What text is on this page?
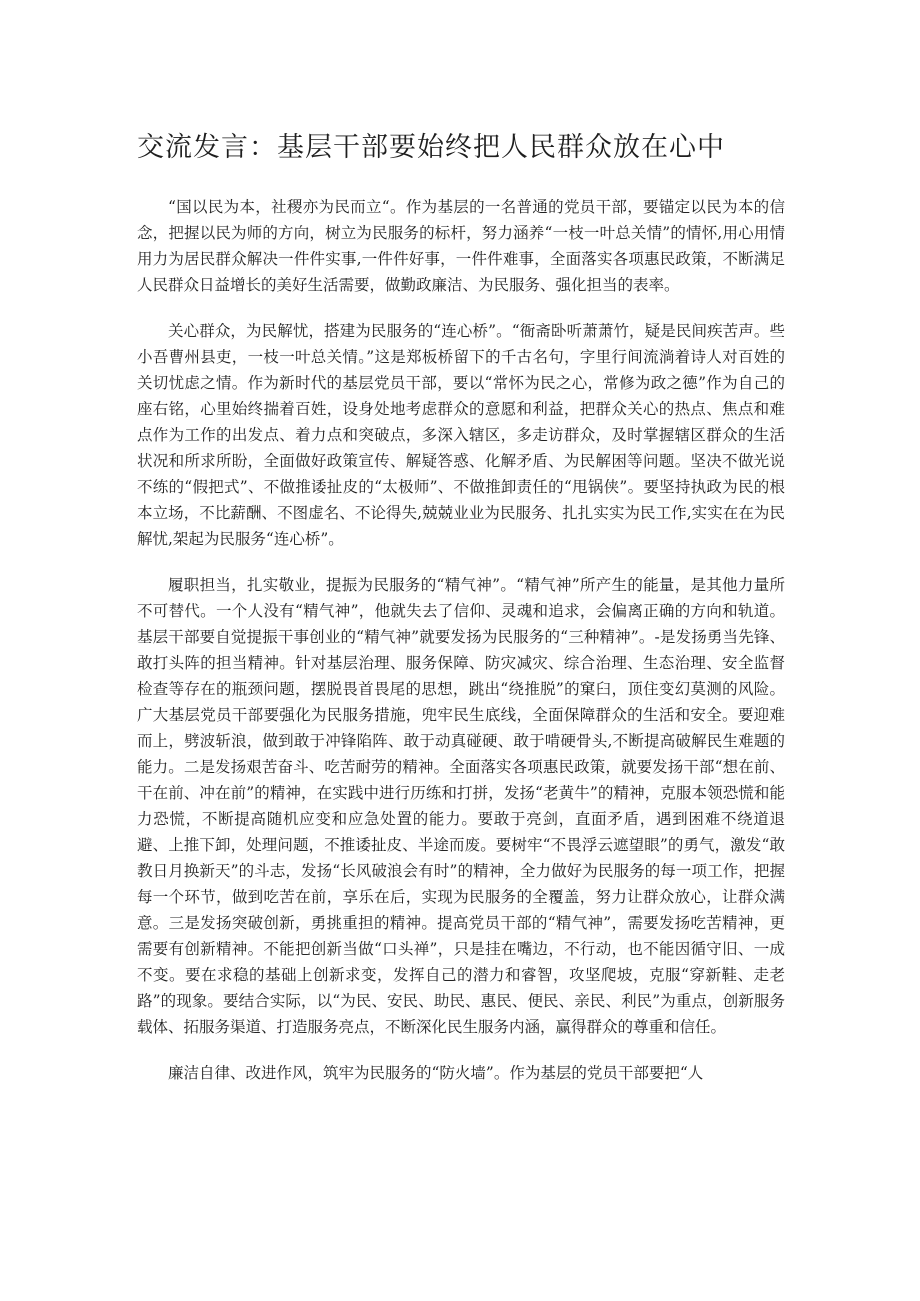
交流发言：基层干部要始终把人民群众放在心中

“国以民为本，社稷亦为民而立“。作为基层的一名普通的党员干部，要锚定以民为本的信念，把握以民为师的方向，树立为民服务的标杆，努力涵养“一枝一叶总关情”的情怀,用心用情用力为居民群众解决一件件实事,一件件好事，一件件难事，全面落实各项惠民政策，不断满足人民群众日益增长的美好生活需要，做勤政廉洁、为民服务、强化担当的表率。

关心群众，为民解忧，搭建为民服务的“连心桥”。“衙斋卧听萧萧竹，疑是民间疾苦声。些小吾曹州县吏，一枝一叶总关情。”这是郑板桥留下的千古名句，字里行间流淌着诗人对百姓的关切忧虑之情。作为新时代的基层党员干部，要以“常怀为民之心，常修为政之德”作为自己的座右铭，心里始终揣着百姓，设身处地考虑群众的意愿和利益，把群众关心的热点、焦点和难点作为工作的出发点、着力点和突破点，多深入辖区，多走访群众，及时掌握辖区群众的生活状况和所求所盼，全面做好政策宣传、解疑答惑、化解矛盾、为民解困等问题。坚决不做光说不练的“假把式”、不做推诿扯皮的“太极师”、不做推卸责任的“甩锅侠”。要坚持执政为民的根本立场，不比薪酬、不图虚名、不论得失,兢兢业业为民服务、扎扎实实为民工作,实实在在为民解忧,架起为民服务“连心桥”。

履职担当，扎实敬业，提振为民服务的“精气神”。“精气神”所产生的能量，是其他力量所不可替代。一个人没有“精气神”，他就失去了信仰、灵魂和追求，会偏离正确的方向和轨道。基层干部要自觉提振干事创业的“精气神”就要发扬为民服务的“三种精神”。-是发扬勇当先锋、敢打头阵的担当精神。针对基层治理、服务保障、防灾减灾、综合治理、生态治理、安全监督检查等存在的瓶颈问题，摆脱畏首畏尾的思想，跳出“绕推脱”的窠臼，顶住变幻莫测的风险。广大基层党员干部要强化为民服务措施，兜牢民生底线，全面保障群众的生活和安全。要迎难而上，劈波斩浪，做到敢于冲锋陷阵、敢于动真碰硬、敢于啃硬骨头,不断提高破解民生难题的能力。二是发扬艰苦奋斗、吃苦耐劳的精神。全面落实各项惠民政策，就要发扬干部“想在前、干在前、冲在前”的精神，在实践中进行历练和打拼，发扬“老黄牛”的精神，克服本领恐慌和能力恐慌，不断提高随机应变和应急处置的能力。要敢于亮剑，直面矛盾，遇到困难不绕道退避、上推下卸，处理问题，不推诿扯皮、半途而废。要树牢“不畏浮云遮望眼”的勇气，激发“敢教日月换新天”的斗志，发扬“长风破浪会有时”的精神，全力做好为民服务的每一项工作，把握每一个环节，做到吃苦在前，享乐在后，实现为民服务的全覆盖，努力让群众放心，让群众满意。三是发扬突破创新，勇挑重担的精神。提高党员干部的“精气神”，需要发扬吃苦精神，更需要有创新精神。不能把创新当做“口头禅”，只是挂在嘴边，不行动，也不能因循守旧、一成不变。要在求稳的基础上创新求变，发挥自己的潜力和睿智，攻坚爬坡，克服“穿新鞋、走老路”的现象。要结合实际，以“为民、安民、助民、惠民、便民、亲民、利民”为重点，创新服务载体、拓服务渠道、打造服务亮点，不断深化民生服务内涵，赢得群众的尊重和信任。

廉洁自律、改进作风，筑牢为民服务的“防火墙”。作为基层的党员干部要把“人
